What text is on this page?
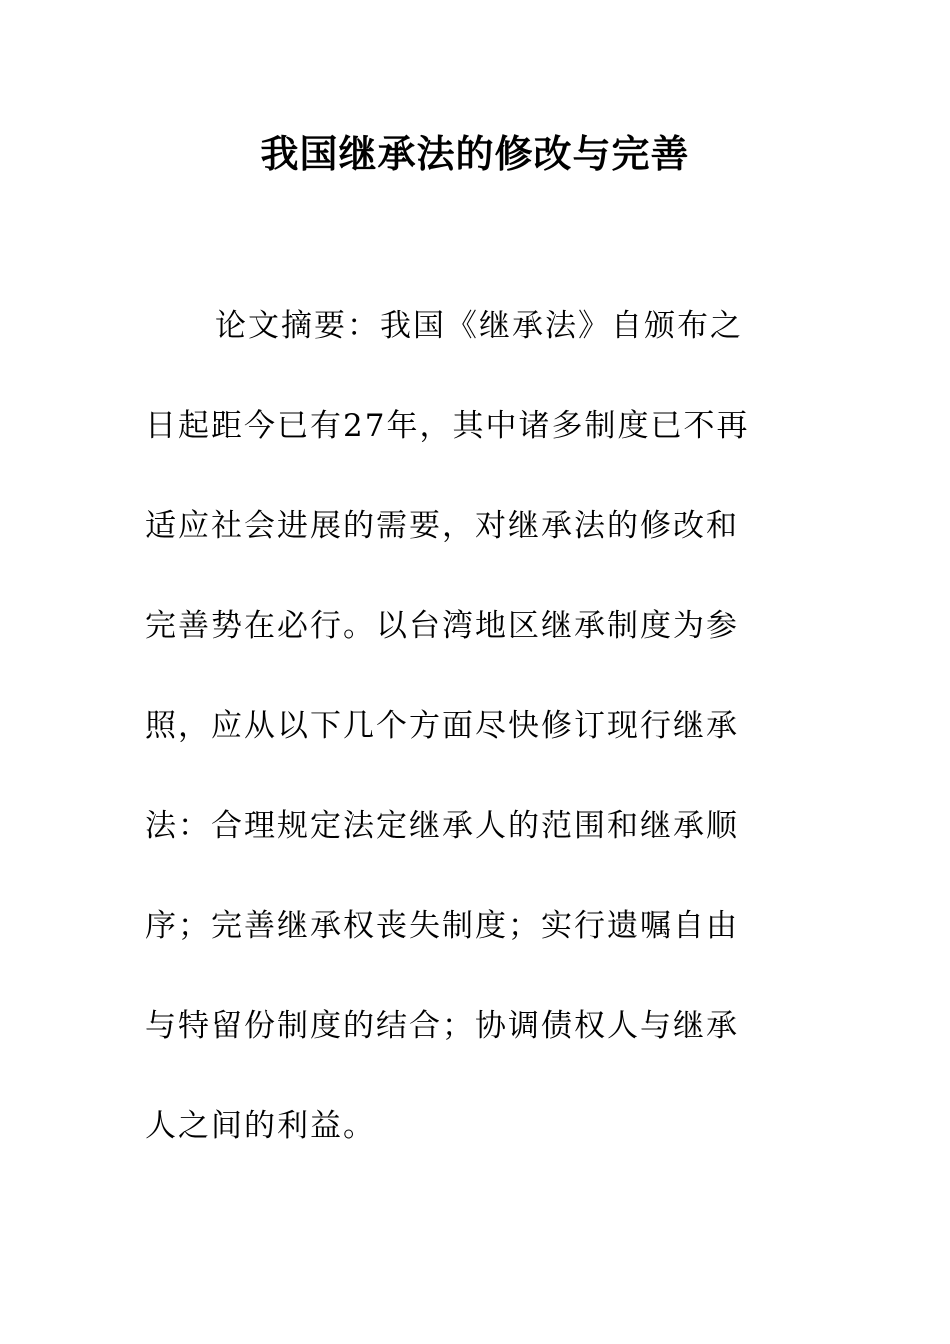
我国继承法的修改与完善
论文摘要：我国《继承法》自颁布之
日起距今已有27年，其中诸多制度已不再
适应社会进展的需要，对继承法的修改和
完善势在必行。以台湾地区继承制度为参
照，应从以下几个方面尽快修订现行继承
法：合理规定法定继承人的范围和继承顺
序；完善继承权丧失制度；实行遗嘱自由
与特留份制度的结合；协调债权人与继承
人之间的利益。
